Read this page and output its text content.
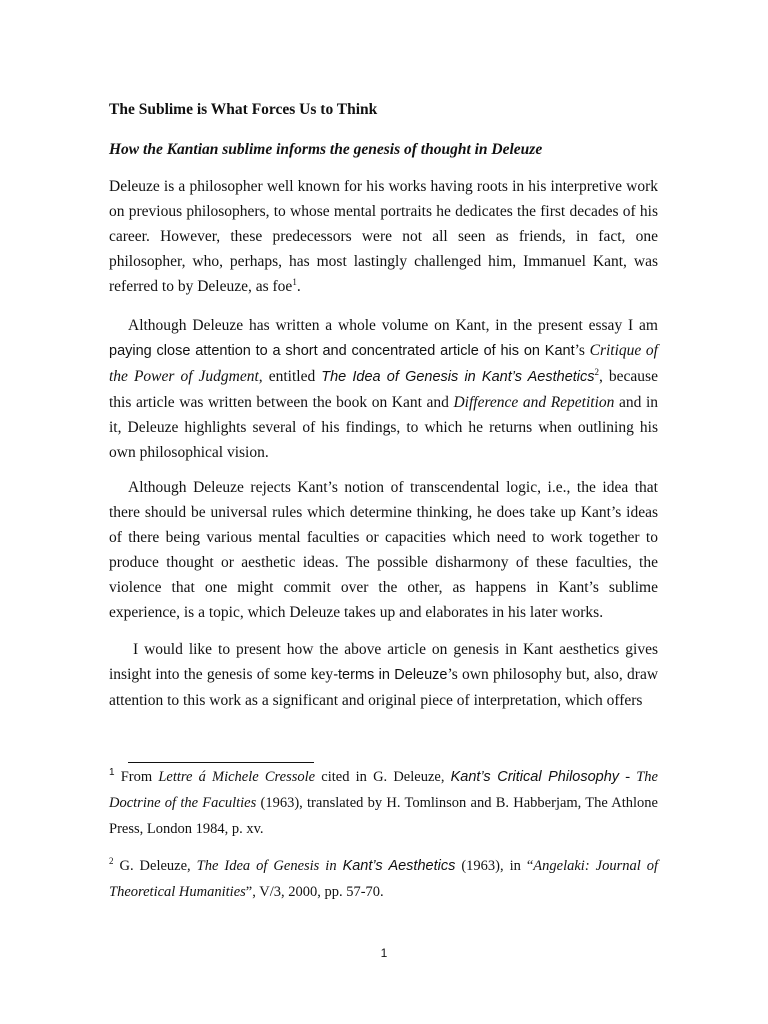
The Sublime is What Forces Us to Think
How the Kantian sublime informs the genesis of thought in Deleuze

Deleuze is a philosopher well known for his works having roots in his interpretive work on previous philosophers, to whose mental portraits he dedicates the first decades of his career. However, these predecessors were not all seen as friends, in fact, one philosopher, who, perhaps, has most lastingly challenged him, Immanuel Kant, was referred to by Deleuze, as foe$^1$.

Although Deleuze has written a whole volume on Kant, in the present essay I am paying close attention to a short and concentrated article of his on Kant’s Critique of the Power of Judgment, entitled The Idea of Genesis in Kant’s Aesthetics$^2$, because this article was written between the book on Kant and Difference and Repetition and in it, Deleuze highlights several of his findings, to which he returns when outlining his own philosophical vision.

Although Deleuze rejects Kant’s notion of transcendental logic, i.e., the idea that there should be universal rules which determine thinking, he does take up Kant’s ideas of there being various mental faculties or capacities which need to work together to produce thought or aesthetic ideas. The possible disharmony of these faculties, the violence that one might commit over the other, as happens in Kant’s sublime experience, is a topic, which Deleuze takes up and elaborates in his later works.

I would like to present how the above article on genesis in Kant aesthetics gives insight into the genesis of some key-terms in Deleuze’s own philosophy but, also, draw attention to this work as a significant and original piece of interpretation, which offers

$^1$ From Lettre á Michele Cressole cited in G. Deleuze, Kant’s Critical Philosophy - The Doctrine of the Faculties (1963), translated by H. Tomlinson and B. Habberjam, The Athlone Press, London 1984, p. xv.

$^2$ G. Deleuze, The Idea of Genesis in Kant’s Aesthetics (1963), in “Angelaki: Journal of Theoretical Humanities”, V/3, 2000, pp. 57-70.

1
